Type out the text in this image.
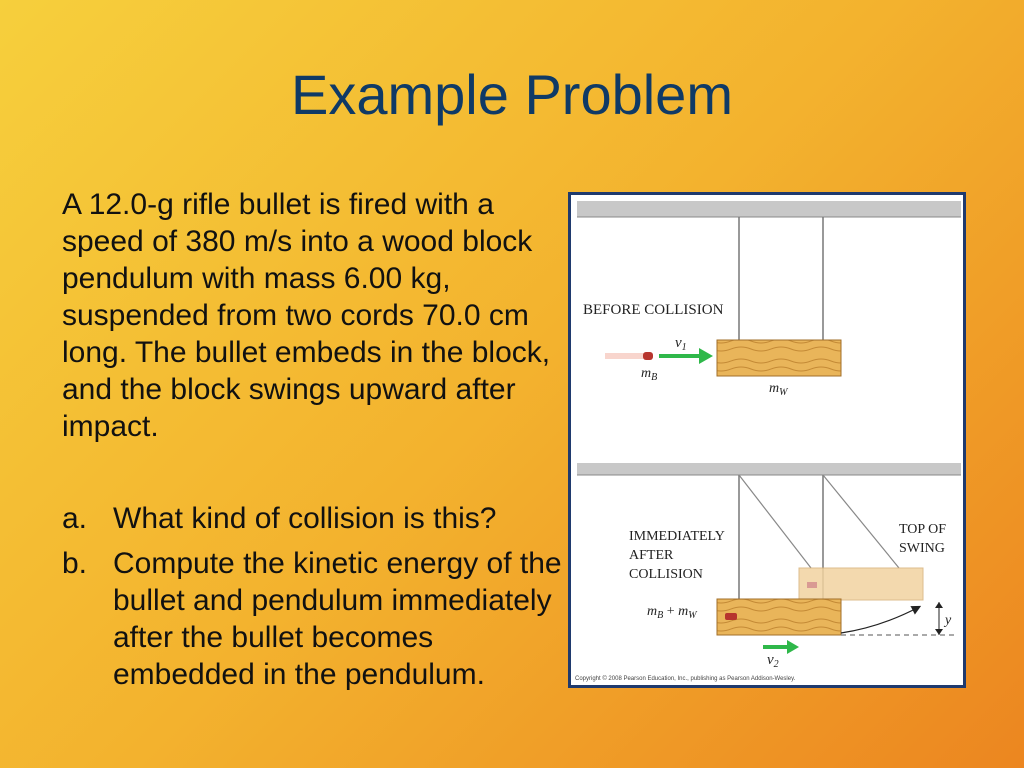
Example Problem
A 12.0-g rifle bullet is fired with a speed of 380 m/s into a wood block pendulum with mass 6.00 kg, suspended from two cords 70.0 cm long. The bullet embeds in the block, and the block swings upward after impact.
a. What kind of collision is this?
b. Compute the kinetic energy of the bullet and pendulum immediately after the bullet becomes embedded in the pendulum.
BEFORE COLLISION
$v_1$
$m_B$
$m_W$
y
IMMEDIATELY
AFTER
COLLISION
TOP OF
SWING
$m_B + m_W$
$v_2$
Copyright © 2008 Pearson Education, Inc., publishing as Pearson Addison-Wesley.
